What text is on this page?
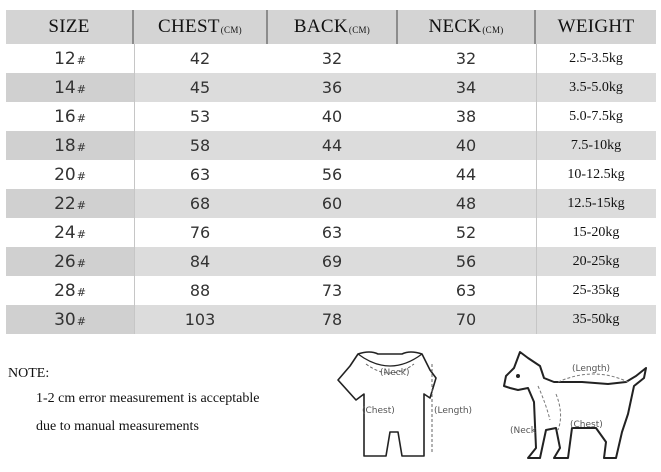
SIZE	CHEST (CM)	BACK (CM)	NECK (CM)	WEIGHT
12 #	42	32	32	2.5-3.5kg
14 #	45	36	34	3.5-5.0kg
16 #	53	40	38	5.0-7.5kg
18 #	58	44	40	7.5-10kg
20 #	63	56	44	10-12.5kg
22 #	68	60	48	12.5-15kg
24 #	76	63	52	15-20kg
26 #	84	69	56	20-25kg
28 #	88	73	63	25-35kg
30 #	103	78	70	35-50kg
NOTE:
1-2 cm error measurement is acceptable
due to manual measurements
(Neck)
(Chest)	(Length)
(Length)
(Neck
(Chest)
